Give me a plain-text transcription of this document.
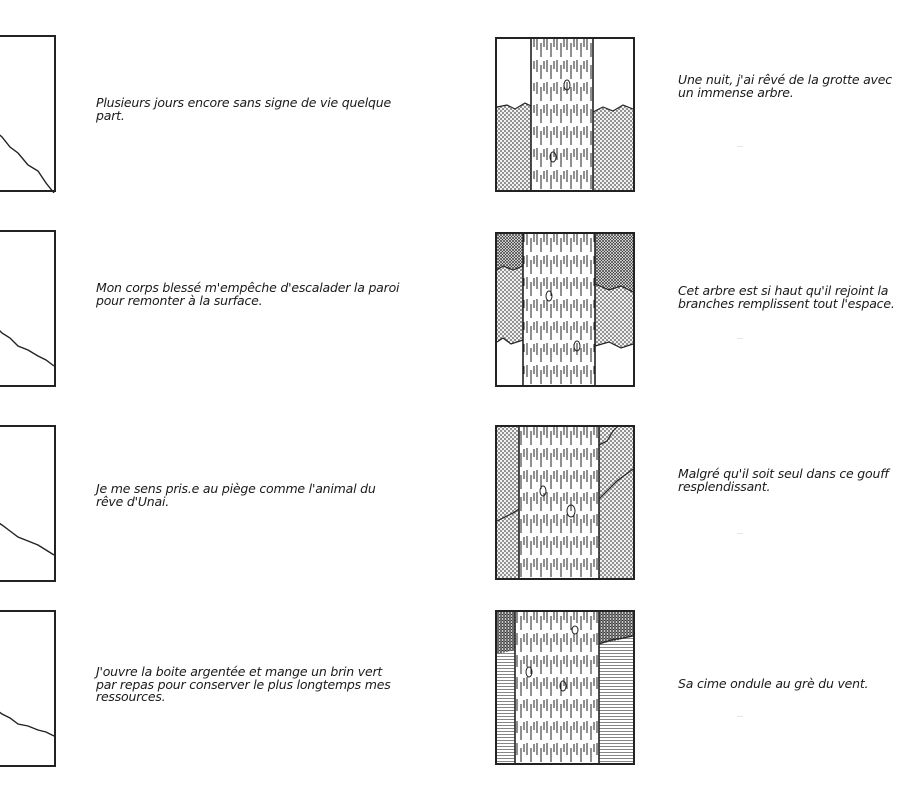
Plusieurs jours encore sans signe de vie quelque
part.
Mon corps blessé m'empêche d'escalader la paroi
pour remonter à la surface.
Je me sens pris.e au piège comme l'animal du
rêve d'Unai.
J'ouvre la boite argentée et mange un brin vert
par repas pour conserver le plus longtemps mes
ressources.
Une nuit, j'ai rêvé de la grotte avec
un immense arbre.
Cet arbre est si haut qu'il rejoint la
branches remplissent tout l'espace.
Malgré qu'il soit seul dans ce gouff
resplendissant.
Sa cime ondule au grè du vent.
